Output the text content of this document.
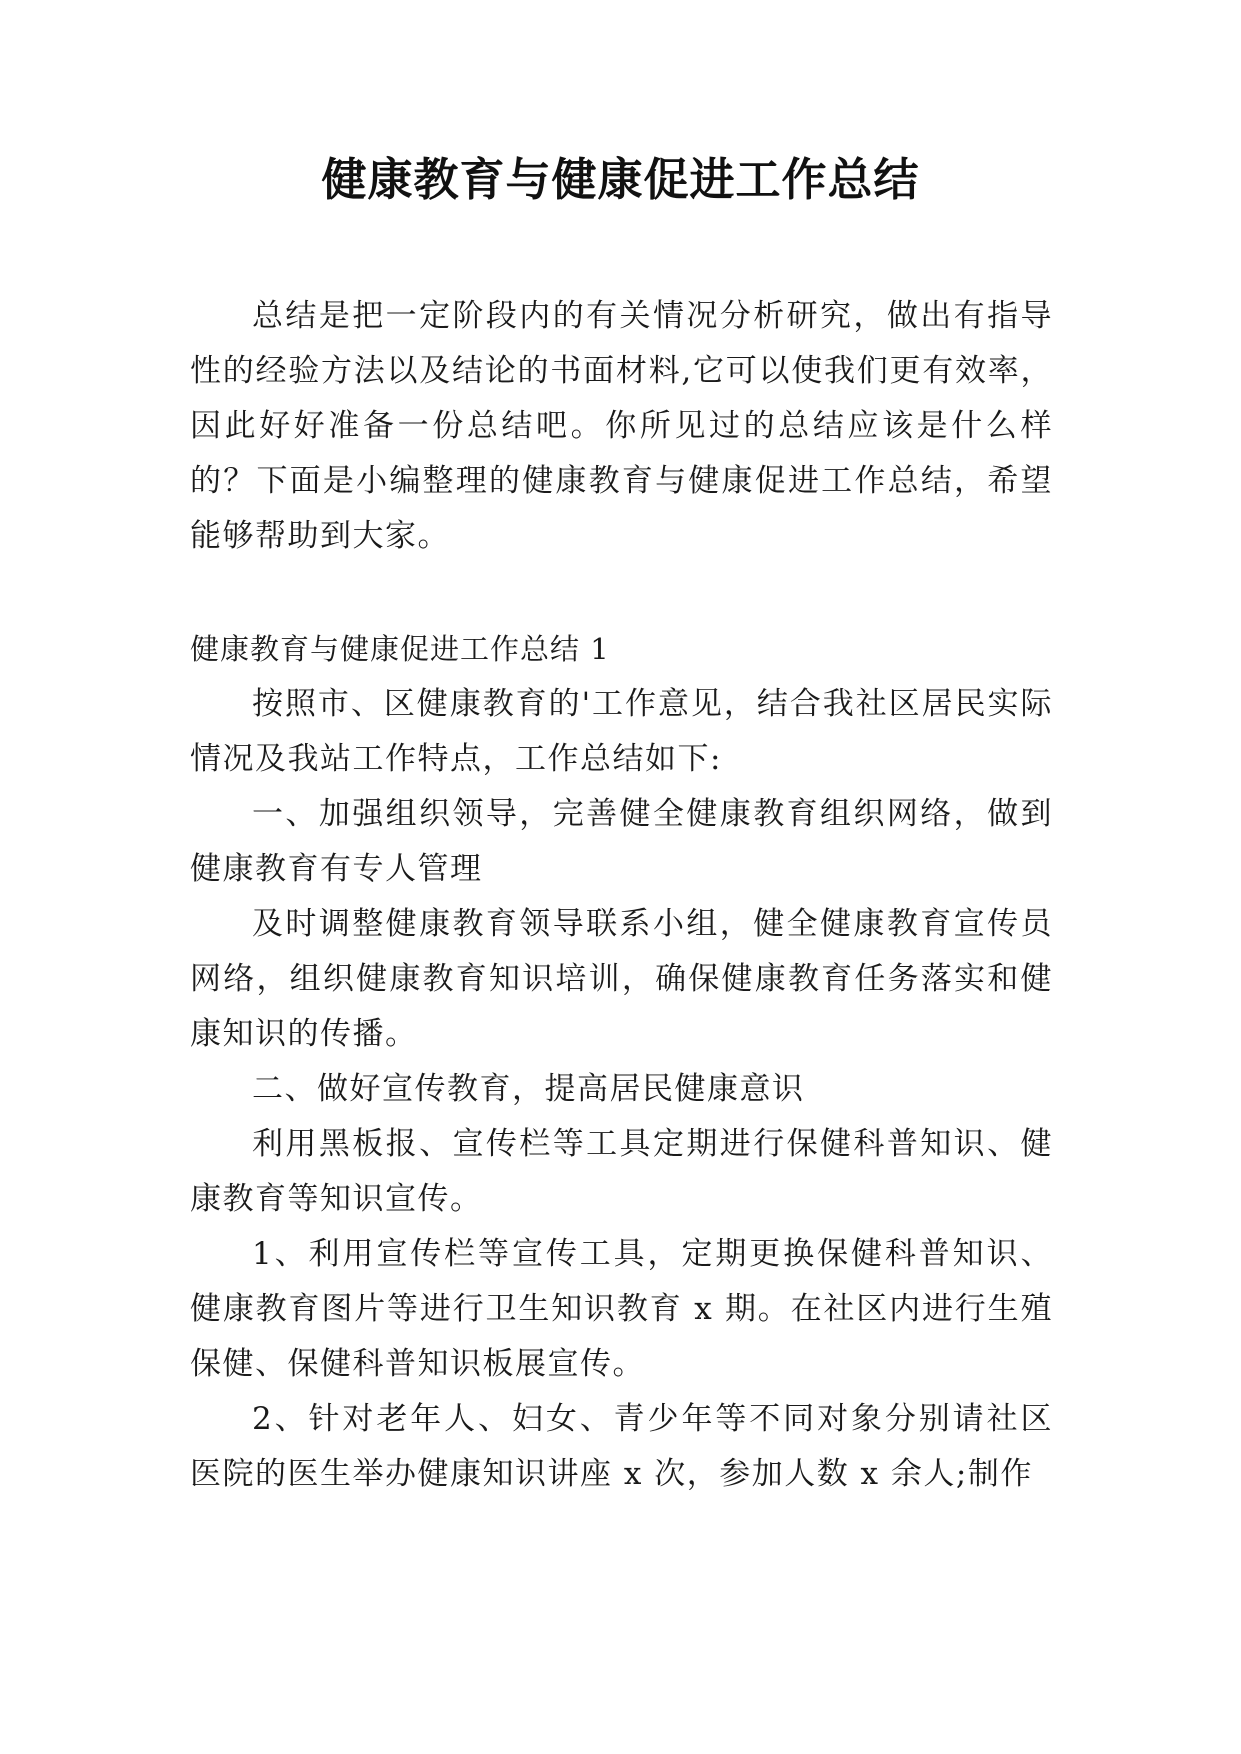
健康教育与健康促进工作总结

总结是把一定阶段内的有关情况分析研究，做出有指导性的经验方法以及结论的书面材料,它可以使我们更有效率，因此好好准备一份总结吧。你所见过的总结应该是什么样的？下面是小编整理的健康教育与健康促进工作总结，希望能够帮助到大家。

健康教育与健康促进工作总结 1

按照市、区健康教育的'工作意见，结合我社区居民实际情况及我站工作特点，工作总结如下:

一、加强组织领导，完善健全健康教育组织网络，做到健康教育有专人管理

及时调整健康教育领导联系小组，健全健康教育宣传员网络，组织健康教育知识培训，确保健康教育任务落实和健康知识的传播。

二、做好宣传教育，提高居民健康意识

利用黑板报、宣传栏等工具定期进行保健科普知识、健康教育等知识宣传。

1、利用宣传栏等宣传工具，定期更换保健科普知识、健康教育图片等进行卫生知识教育 x 期。在社区内进行生殖保健、保健科普知识板展宣传。

2、针对老年人、妇女、青少年等不同对象分别请社区医院的医生举办健康知识讲座 x 次，参加人数 x 余人;制作
